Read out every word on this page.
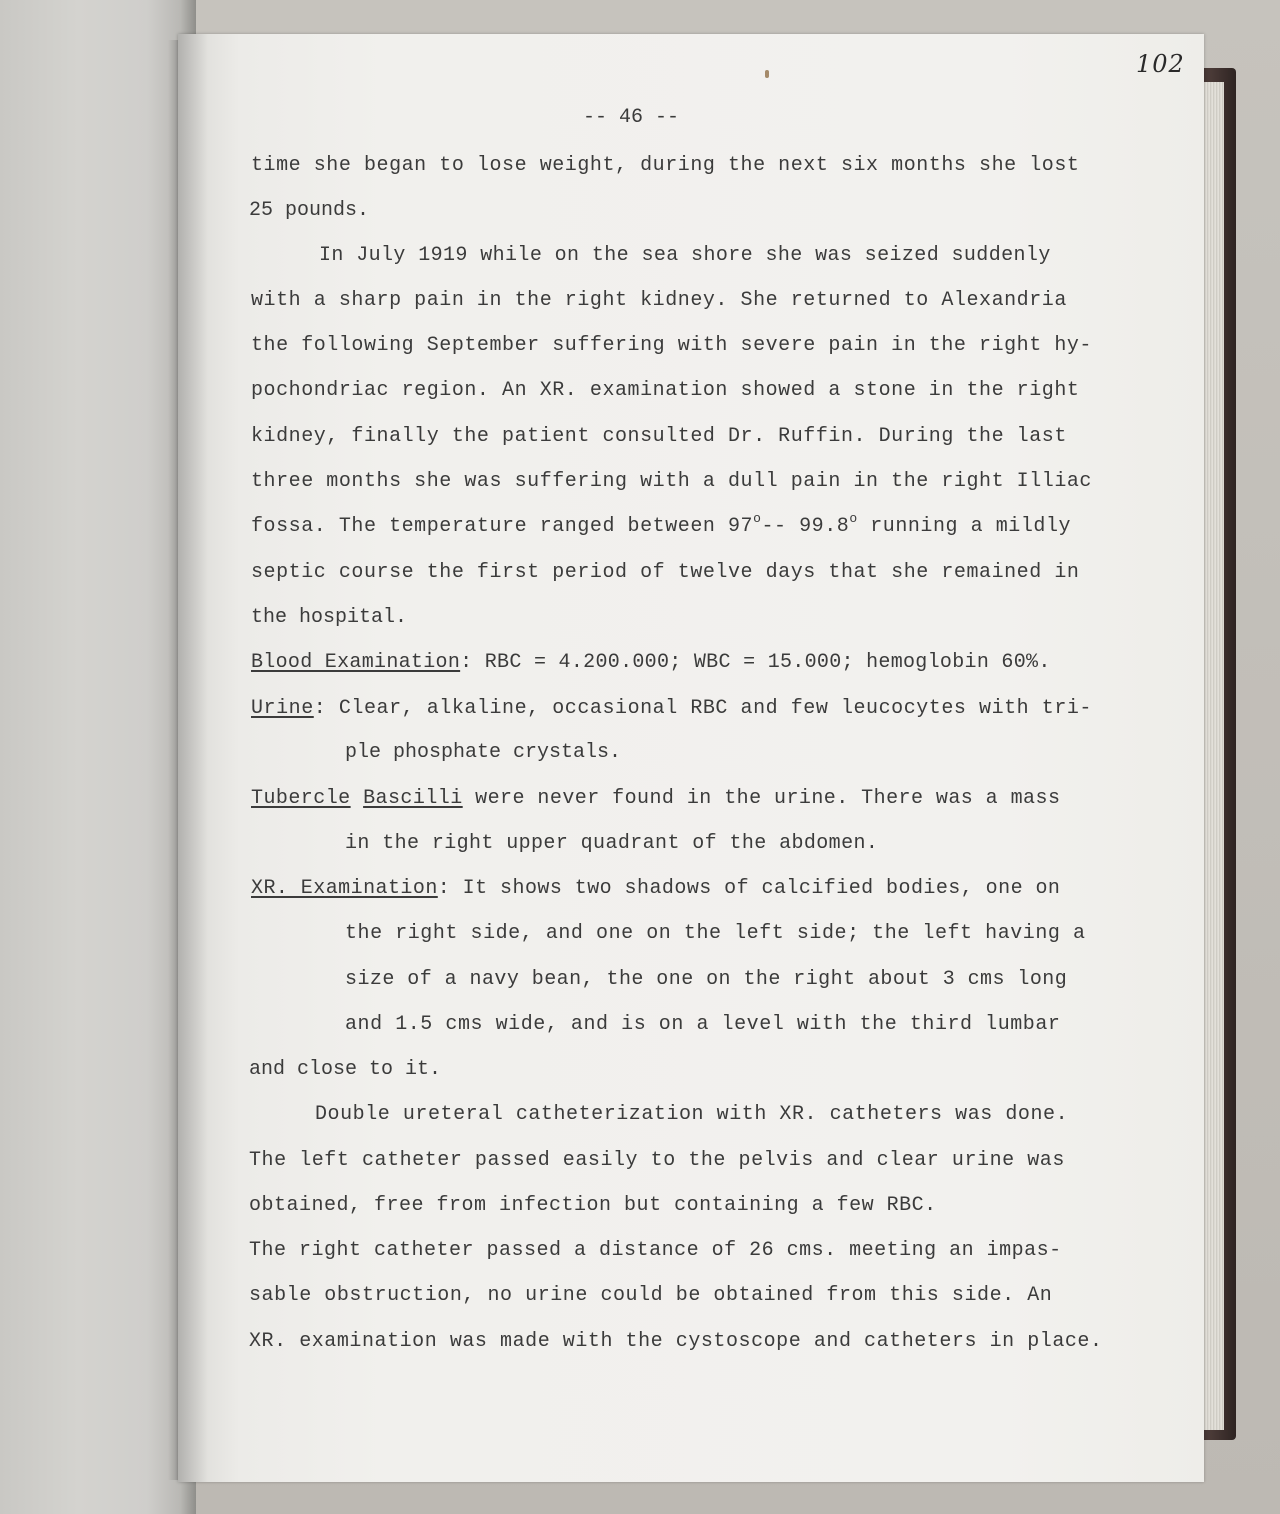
102
-- 46 --
time she began to lose weight, during the next six months she lost
25 pounds.
In July 1919 while on the sea shore she was seized suddenly
with a sharp pain in the right kidney. She returned to Alexandria
the following September suffering with severe pain in the right hy-
pochondriac region. An XR. examination showed a stone in the right
kidney, finally the patient consulted Dr. Ruffin. During the last
three months she was suffering with a dull pain in the right Illiac
fossa. The temperature ranged between 97$^o$-- 99.8$^o$ running a mildly
septic course the first period of twelve days that she remained in
the hospital.
Blood Examination: RBC = 4.200.000; WBC = 15.000; hemoglobin 60%.
Urine: Clear, alkaline, occasional RBC and few leucocytes with tri-
ple phosphate crystals.
Tubercle Bascilli were never found in the urine. There was a mass
in the right upper quadrant of the abdomen.
XR. Examination: It shows two shadows of calcified bodies, one on
the right side, and one on the left side; the left having a
size of a navy bean, the one on the right about 3 cms long
and 1.5 cms wide, and is on a level with the third lumbar
and close to it.
Double ureteral catheterization with XR. catheters was done.
The left catheter passed easily to the pelvis and clear urine was
obtained, free from infection but containing a few RBC.
The right catheter passed a distance of 26 cms. meeting an impas-
sable obstruction, no urine could be obtained from this side. An
XR. examination was made with the cystoscope and catheters in place.
